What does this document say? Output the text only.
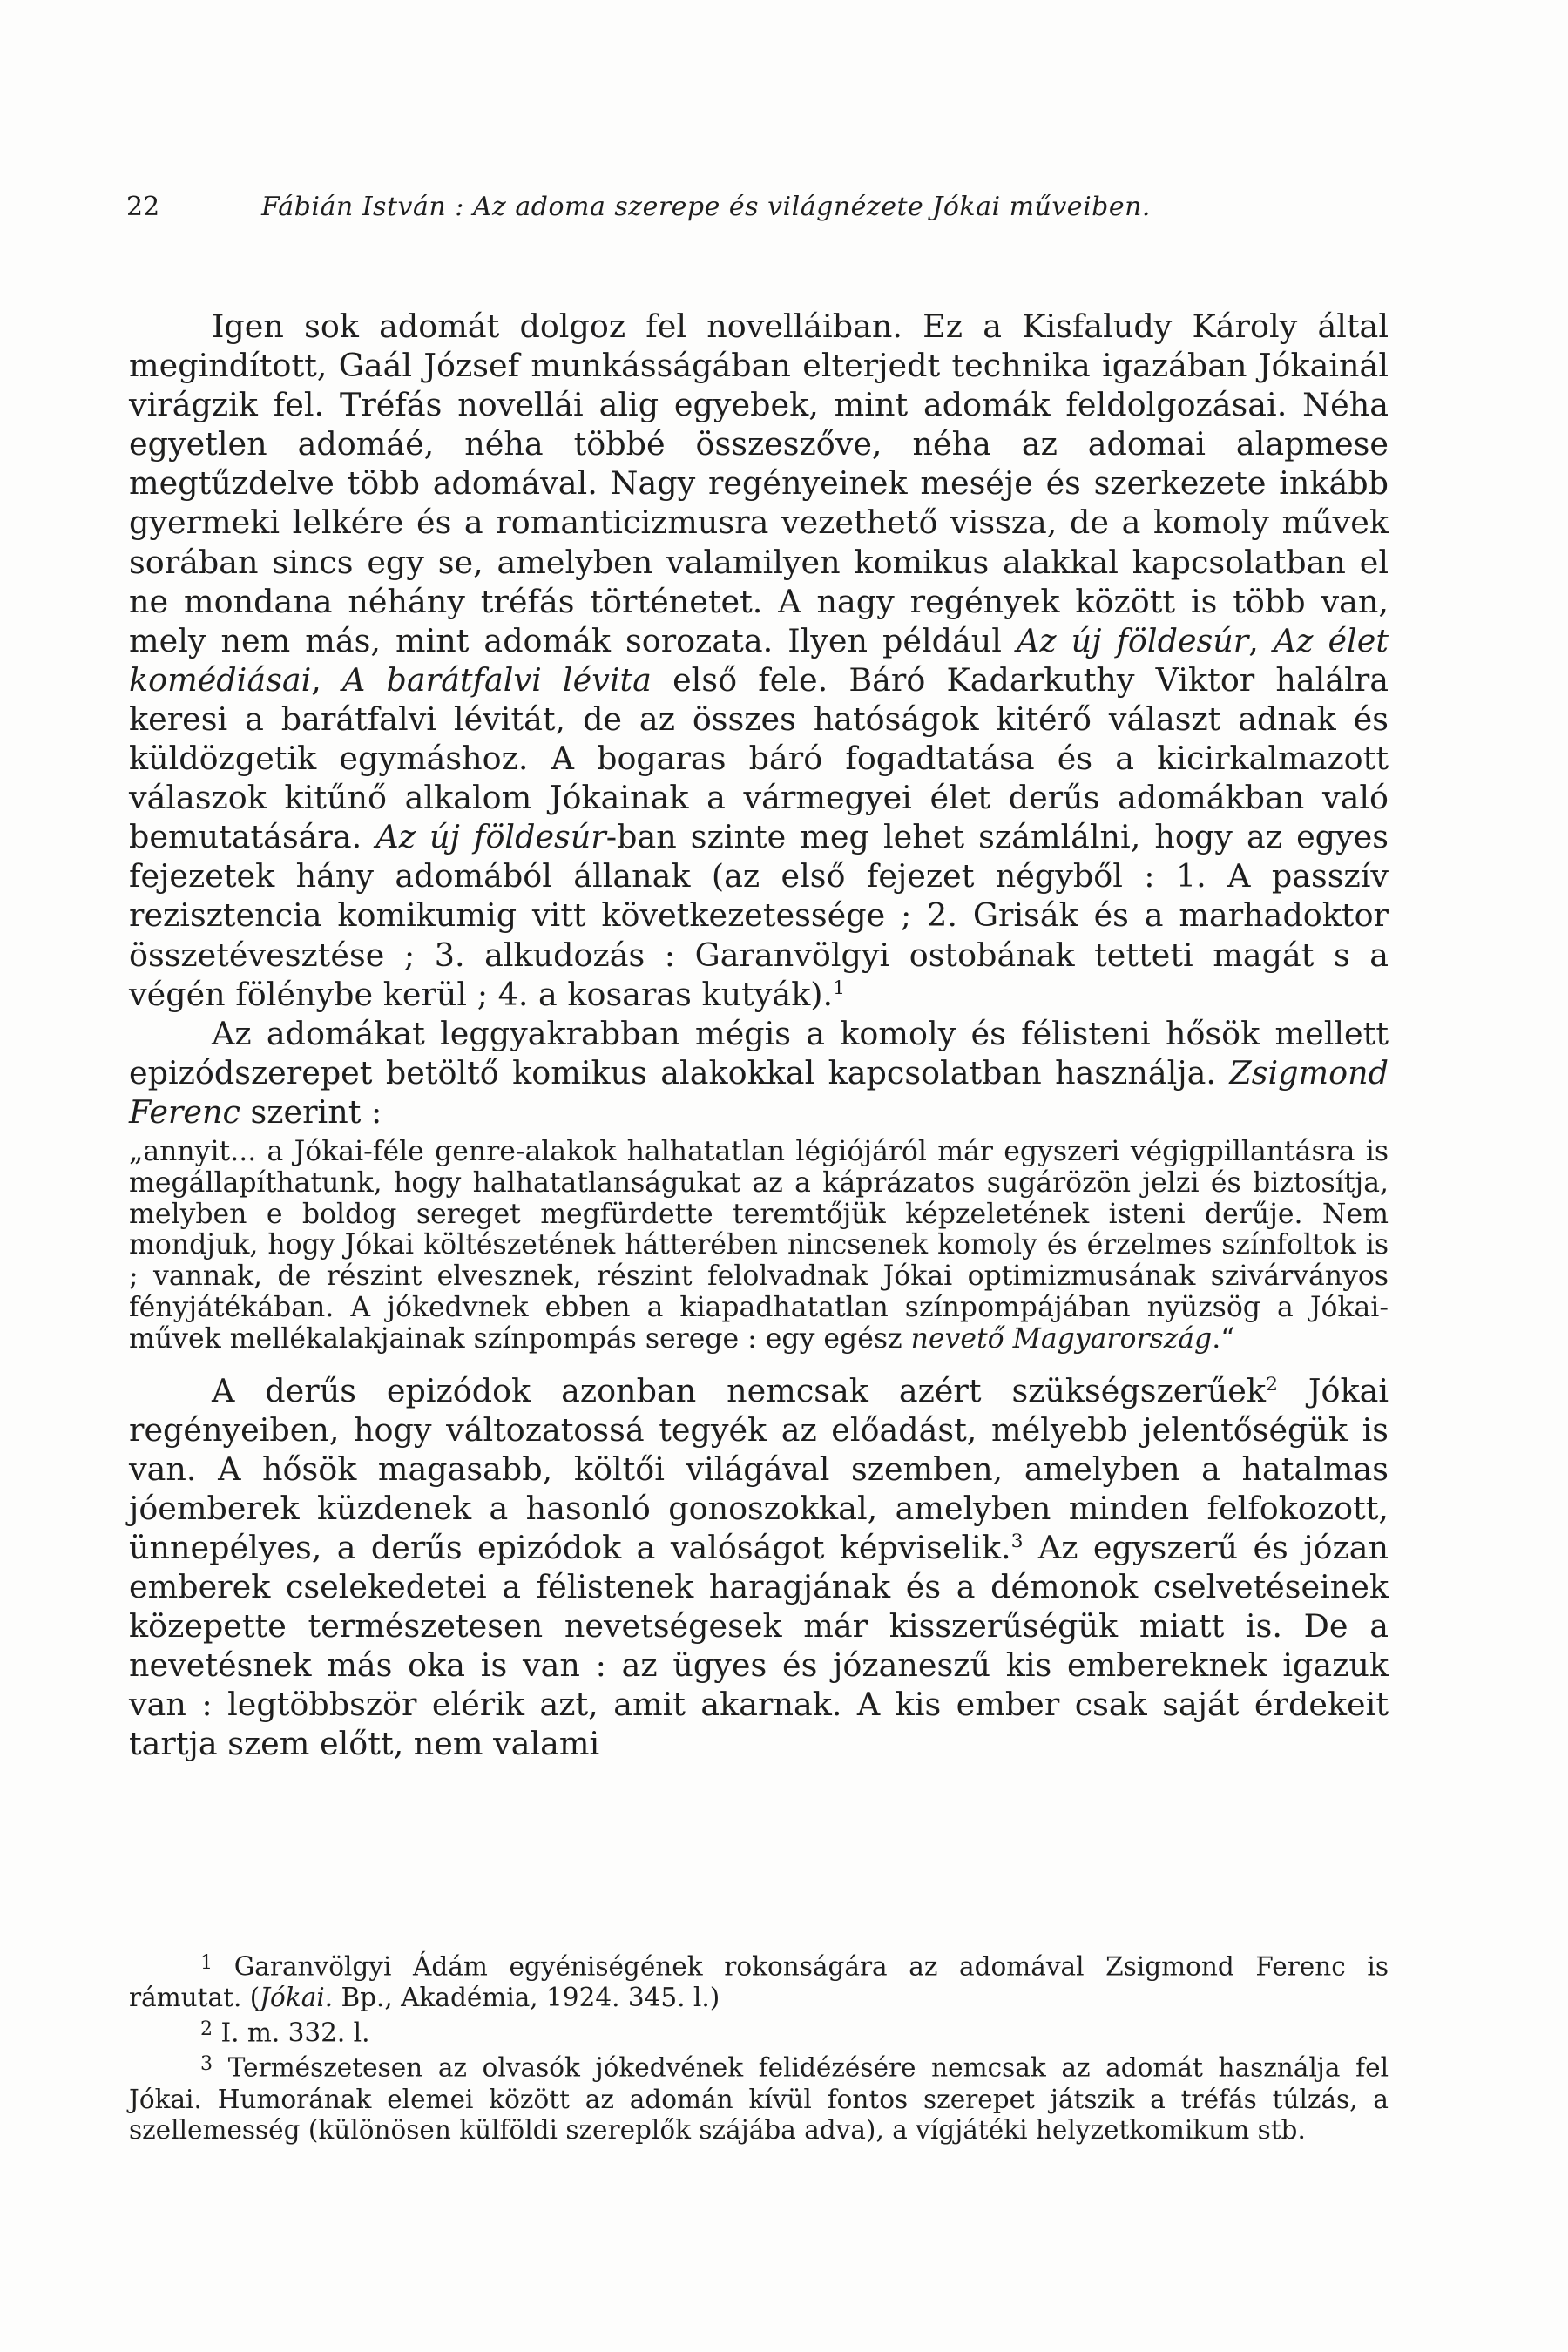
22	Fábián István : Az adoma szerepe és világnézete Jókai műveiben.

Igen sok adomát dolgoz fel novelláiban. Ez a Kisfaludy Károly által megindított, Gaál József munkásságában elterjedt technika igazában Jókainál virágzik fel. Tréfás novellái alig egyebek, mint adomák feldolgozásai. Néha egyetlen adomáé, néha többé összeszőve, néha az adomai alapmese megtűzdelve több adomával. Nagy regényeinek meséje és szerkezete inkább gyermeki lelkére és a romanticizmusra vezethető vissza, de a komoly művek sorában sincs egy se, amelyben valamilyen komikus alakkal kapcsolatban el ne mondana néhány tréfás történetet. A nagy regények között is több van, mely nem más, mint adomák sorozata. Ilyen például Az új földesúr, Az élet komédiásai, A barátfalvi lévita első fele. Báró Kadarkuthy Viktor halálra keresi a barátfalvi lévitát, de az összes hatóságok kitérő választ adnak és küldözgetik egymáshoz. A bogaras báró fogadtatása és a kicirkalmazott válaszok kitűnő alkalom Jókainak a vármegyei élet derűs adomákban való bemutatására. Az új földesúr-ban szinte meg lehet számlálni, hogy az egyes fejezetek hány adomából állanak (az első fejezet négyből : 1. A passzív rezisztencia komikumig vitt következetessége ; 2. Grisák és a marhadoktor összetévesztése ; 3. alkudozás : Garanvölgyi ostobának tetteti magát s a végén fölénybe kerül ; 4. a kosaras kutyák).$^1$

Az adomákat leggyakrabban mégis a komoly és félisteni hősök mellett epizódszerepet betöltő komikus alakokkal kapcsolatban használja. Zsigmond Ferenc szerint :

„annyit... a Jókai-féle genre-alakok halhatatlan légiójáról már egyszeri végigpillantásra is megállapíthatunk, hogy halhatatlanságukat az a káprázatos sugárözön jelzi és biztosítja, melyben e boldog sereget megfürdette teremtőjük képzeletének isteni derűje. Nem mondjuk, hogy Jókai költészetének hátterében nincsenek komoly és érzelmes színfoltok is ; vannak, de részint elvesznek, részint felolvadnak Jókai optimizmusának szivárványos fényjátékában. A jókedvnek ebben a kiapadhatatlan színpompájában nyüzsög a Jókai-művek mellékalakjainak színpompás serege : egy egész nevető Magyarország.“

A derűs epizódok azonban nemcsak azért szükségszerűek$^2$ Jókai regényeiben, hogy változatossá tegyék az előadást, mélyebb jelentőségük is van. A hősök magasabb, költői világával szemben, amelyben a hatalmas jóemberek küzdenek a hasonló gonoszokkal, amelyben minden felfokozott, ünnepélyes, a derűs epizódok a valóságot képviselik.$^3$ Az egyszerű és józan emberek cselekedetei a félistenek haragjának és a démonok cselvetéseinek közepette természetesen nevetségesek már kisszerűségük miatt is. De a nevetésnek más oka is van : az ügyes és józaneszű kis embereknek igazuk van : legtöbbször elérik azt, amit akarnak. A kis ember csak saját érdekeit tartja szem előtt, nem valami

$^1$ Garanvölgyi Ádám egyéniségének rokonságára az adomával Zsigmond Ferenc is rámutat. (Jókai. Bp., Akadémia, 1924. 345. l.)

$^2$ I. m. 332. l.

$^3$ Természetesen az olvasók jókedvének felidézésére nemcsak az adomát használja fel Jókai. Humorának elemei között az adomán kívül fontos szerepet játszik a tréfás túlzás, a szellemesség (különösen külföldi szereplők szájába adva), a vígjátéki helyzetkomikum stb.
